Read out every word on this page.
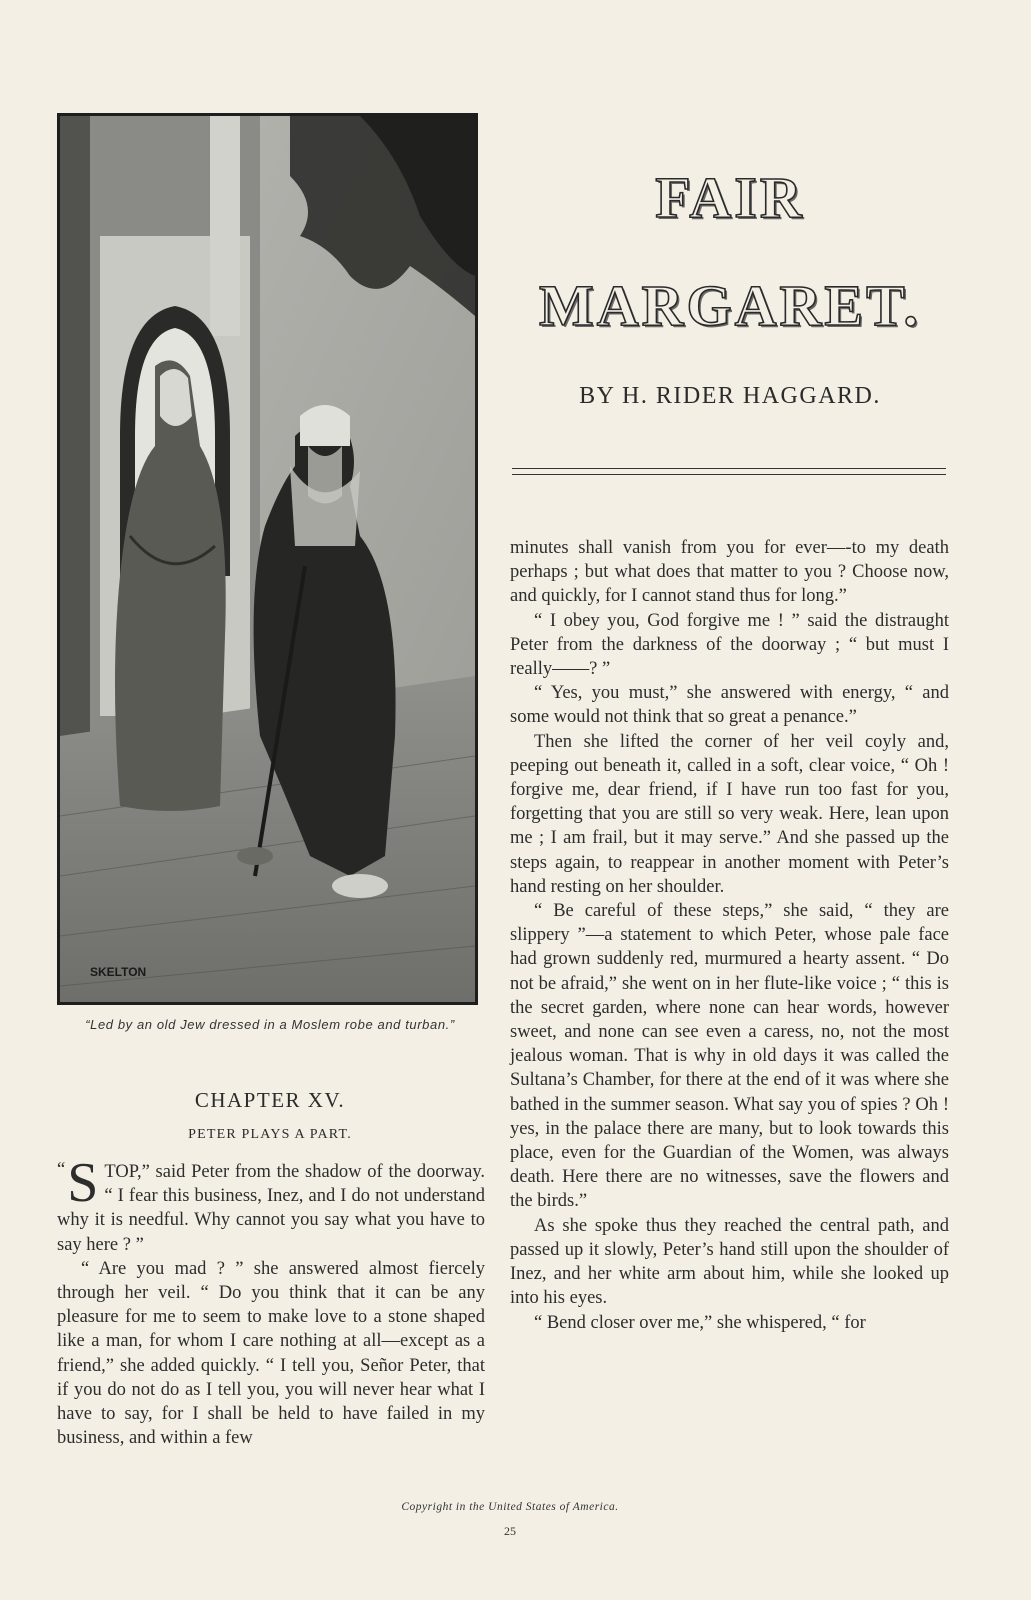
SKELTON
“Led by an old Jew dressed in a Moslem robe and turban.”
FAIR
MARGARET.
BY H. RIDER HAGGARD.
CHAPTER XV.
PETER PLAYS A PART.

“ S TOP,” said Peter from the shadow of the doorway. “ I fear this business, Inez, and I do not understand why it is needful. Why cannot you say what you have to say here ? ”

“ Are you mad ? ” she answered almost fiercely through her veil. “ Do you think that it can be any pleasure for me to seem to make love to a stone shaped like a man, for whom I care nothing at all—except as a friend,” she added quickly. “ I tell you, Señor Peter, that if you do not do as I tell you, you will never hear what I have to say, for I shall be held to have failed in my business, and within a few

minutes shall vanish from you for ever—-to my death perhaps ; but what does that matter to you ? Choose now, and quickly, for I cannot stand thus for long.”

“ I obey you, God forgive me ! ” said the distraught Peter from the darkness of the doorway ; “ but must I really——? ”

“ Yes, you must,” she answered with energy, “ and some would not think that so great a penance.”

Then she lifted the corner of her veil coyly and, peeping out beneath it, called in a soft, clear voice, “ Oh ! forgive me, dear friend, if I have run too fast for you, forgetting that you are still so very weak. Here, lean upon me ; I am frail, but it may serve.” And she passed up the steps again, to reappear in another moment with Peter’s hand resting on her shoulder.

“ Be careful of these steps,” she said, “ they are slippery ”—a statement to which Peter, whose pale face had grown suddenly red, murmured a hearty assent. “ Do not be afraid,” she went on in her flute-like voice ; “ this is the secret garden, where none can hear words, however sweet, and none can see even a caress, no, not the most jealous woman. That is why in old days it was called the Sultana’s Chamber, for there at the end of it was where she bathed in the summer season. What say you of spies ? Oh ! yes, in the palace there are many, but to look towards this place, even for the Guardian of the Women, was always death. Here there are no witnesses, save the flowers and the birds.”

As she spoke thus they reached the central path, and passed up it slowly, Peter’s hand still upon the shoulder of Inez, and her white arm about him, while she looked up into his eyes.

“ Bend closer over me,” she whispered, “ for

Copyright in the United States of America.
25
